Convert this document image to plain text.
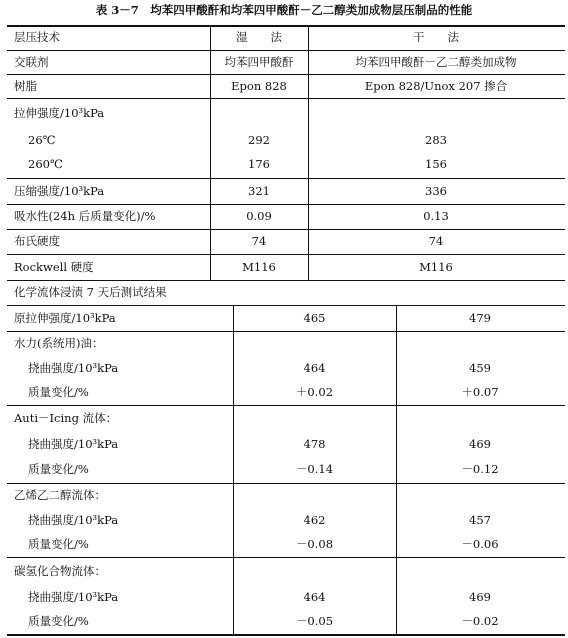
表 3－7　均苯四甲酸酐和均苯四甲酸酐－乙二醇类加成物层压制品的性能
层压技术	湿　　法	干　　法
交联剂	均苯四甲酸酐	均苯四甲酸酐－乙二醇类加成物
树脂	Epon 828	Epon 828/Unox 207 掺合
拉伸强度/10³kPa
26℃	292	283
260℃	176	156
压缩强度/10³kPa	321	336
吸水性(24h 后质量变化)/%	0.09	0.13
布氏硬度	74	74
Rockwell 硬度	M116	M116
化学流体浸渍 7 天后测试结果
原拉伸强度/10³kPa	465	479
水力(系统用)油：
挠曲强度/10³kPa	464	459
质量变化/%	＋0.02	＋0.07
Auti－Icing 流体：
挠曲强度/10³kPa	478	469
质量变化/%	－0.14	－0.12
乙烯乙二醇流体：
挠曲强度/10³kPa	462	457
质量变化/%	－0.08	－0.06
碳氢化合物流体：
挠曲强度/10³kPa	464	469
质量变化/%	－0.05	－0.02
